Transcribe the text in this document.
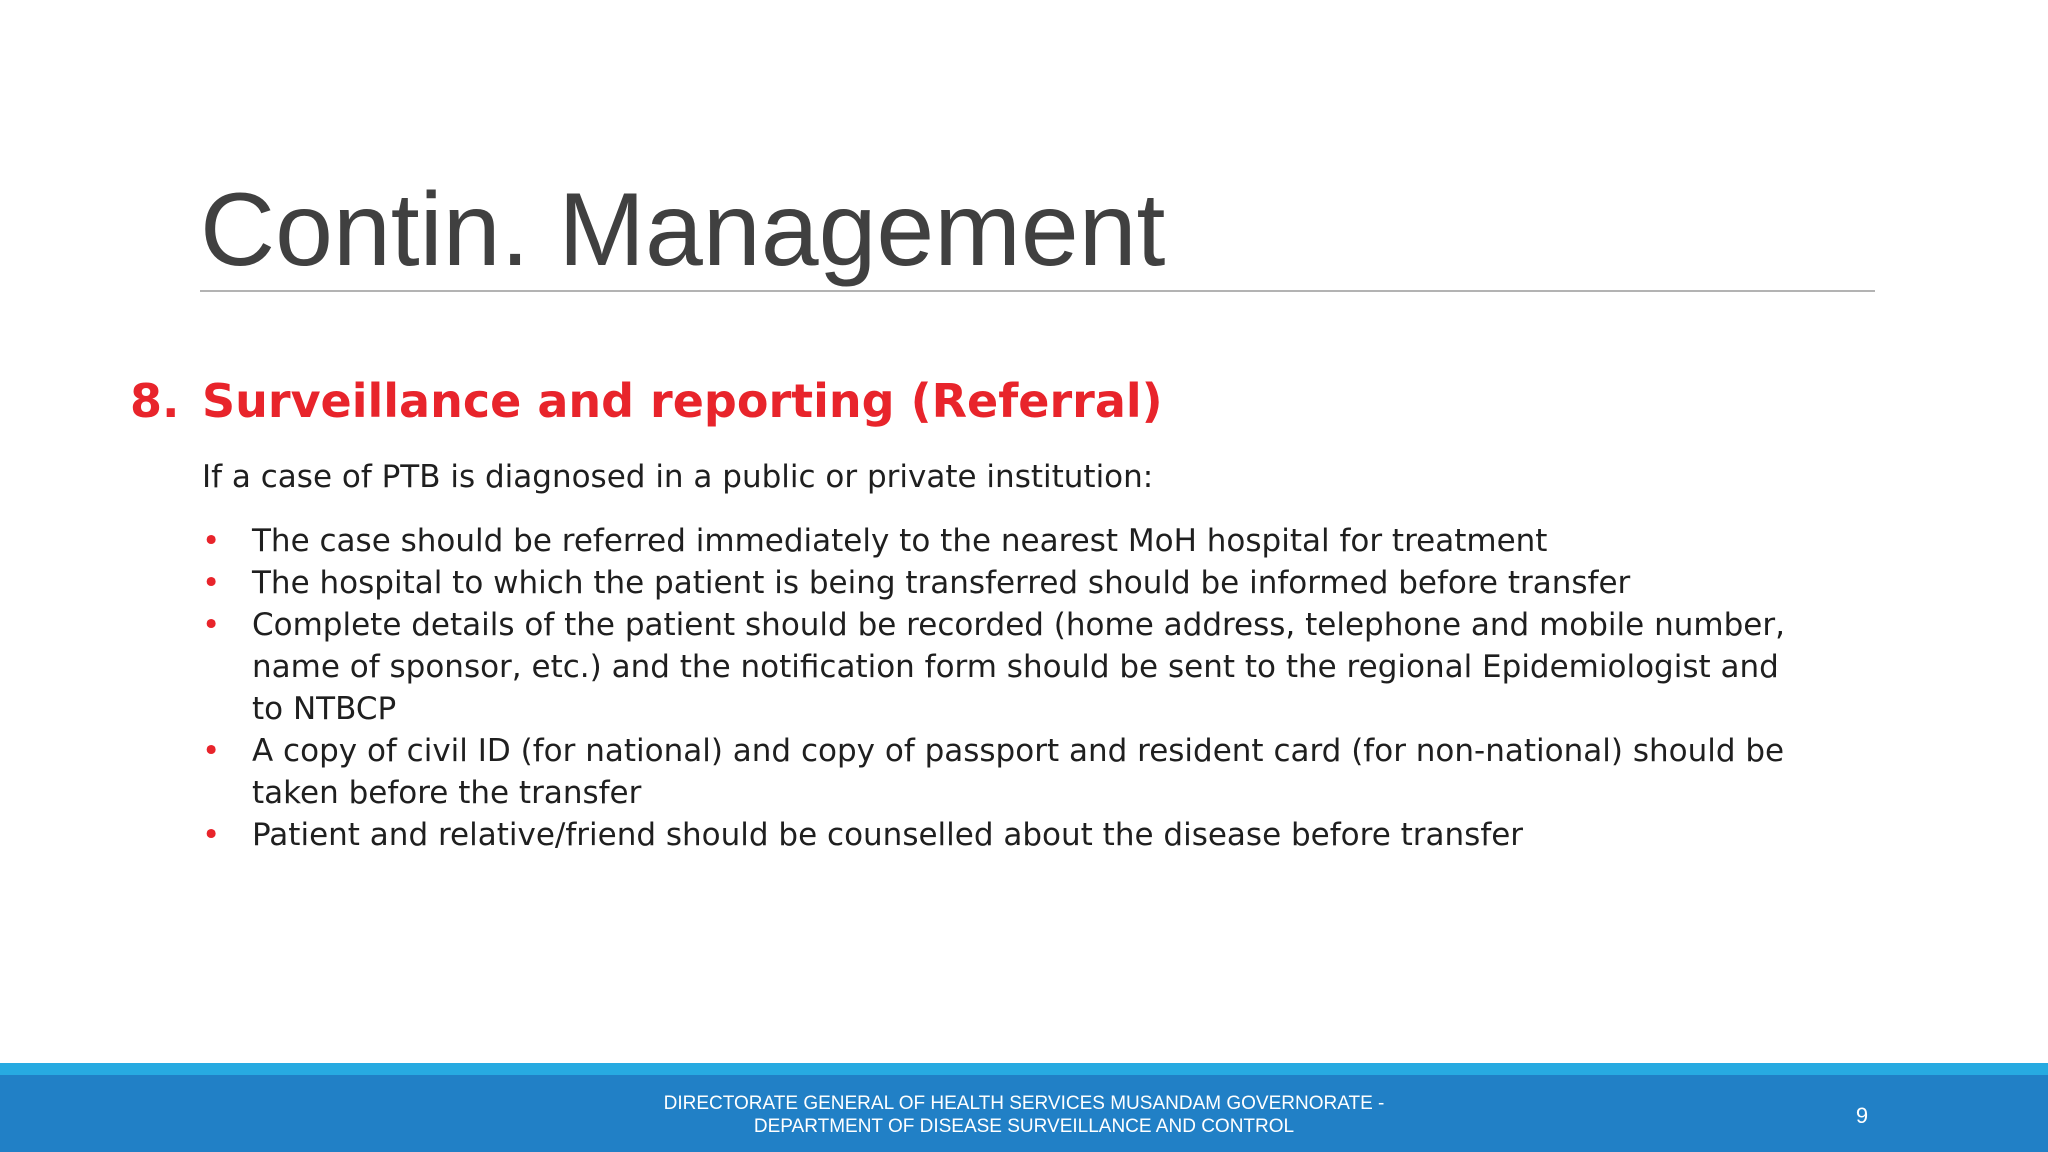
Contin. Management
8. Surveillance and reporting (Referral)
If a case of PTB is diagnosed in a public or private institution:
•	The case should be referred immediately to the nearest MoH hospital for treatment
•	The hospital to which the patient is being transferred should be informed before transfer
•	Complete details of the patient should be recorded (home address, telephone and mobile number, name of sponsor, etc.) and the notification form should be sent to the regional Epidemiologist and to NTBCP
•	A copy of civil ID (for national) and copy of passport and resident card (for non-national) should be taken before the transfer
•	Patient and relative/friend should be counselled about the disease before transfer
DIRECTORATE GENERAL OF HEALTH SERVICES MUSANDAM GOVERNORATE -
DEPARTMENT OF DISEASE SURVEILLANCE AND CONTROL	9
